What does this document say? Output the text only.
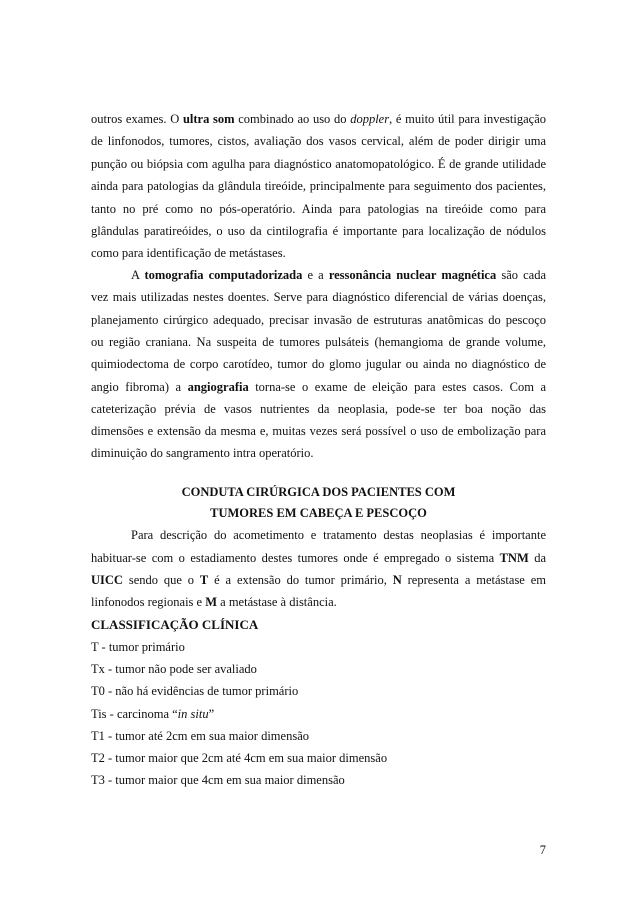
outros exames. O ultra som combinado ao uso do doppler, é muito útil para investigação
de linfonodos, tumores, cistos, avaliação dos vasos cervical, além de poder dirigir uma
punção ou biópsia com agulha para diagnóstico anatomopatológico. É de grande utilidade
ainda para patologias da glândula tireóide, principalmente para seguimento dos pacientes,
tanto no pré como no pós-operatório. Ainda para patologias na tireóide como para
glândulas paratireóides, o uso da cintilografia é importante para localização de nódulos
como para identificação de metástases.
A tomografia computadorizada e a ressonância nuclear magnética são cada
vez mais utilizadas nestes doentes. Serve para diagnóstico diferencial de várias doenças,
planejamento cirúrgico adequado, precisar invasão de estruturas anatômicas do pescoço
ou região craniana. Na suspeita de tumores pulsáteis (hemangioma de grande volume,
quimiodectoma de corpo carotídeo, tumor do glomo jugular ou ainda no diagnóstico de
angio fibroma) a angiografia torna-se o exame de eleição para estes casos. Com a
cateterização prévia de vasos nutrientes da neoplasia, pode-se ter boa noção das
dimensões e extensão da mesma e, muitas vezes será possível o uso de embolização para
diminuição do sangramento intra operatório.
CONDUTA CIRÚRGICA DOS PACIENTES COM
TUMORES EM CABEÇA E PESCOÇO
Para descrição do acometimento e tratamento destas neoplasias é importante
habituar-se com o estadiamento destes tumores onde é empregado o sistema TNM da
UICC sendo que o T é a extensão do tumor primário, N representa a metástase em
linfonodos regionais e M a metástase à distância.
CLASSIFICAÇÃO CLÍNICA
T - tumor primário
Tx - tumor não pode ser avaliado
T0 - não há evidências de tumor primário
Tis - carcinoma “in situ”
T1 - tumor até 2cm em sua maior dimensão
T2 - tumor maior que 2cm até 4cm em sua maior dimensão
T3 - tumor maior que 4cm em sua maior dimensão
7
